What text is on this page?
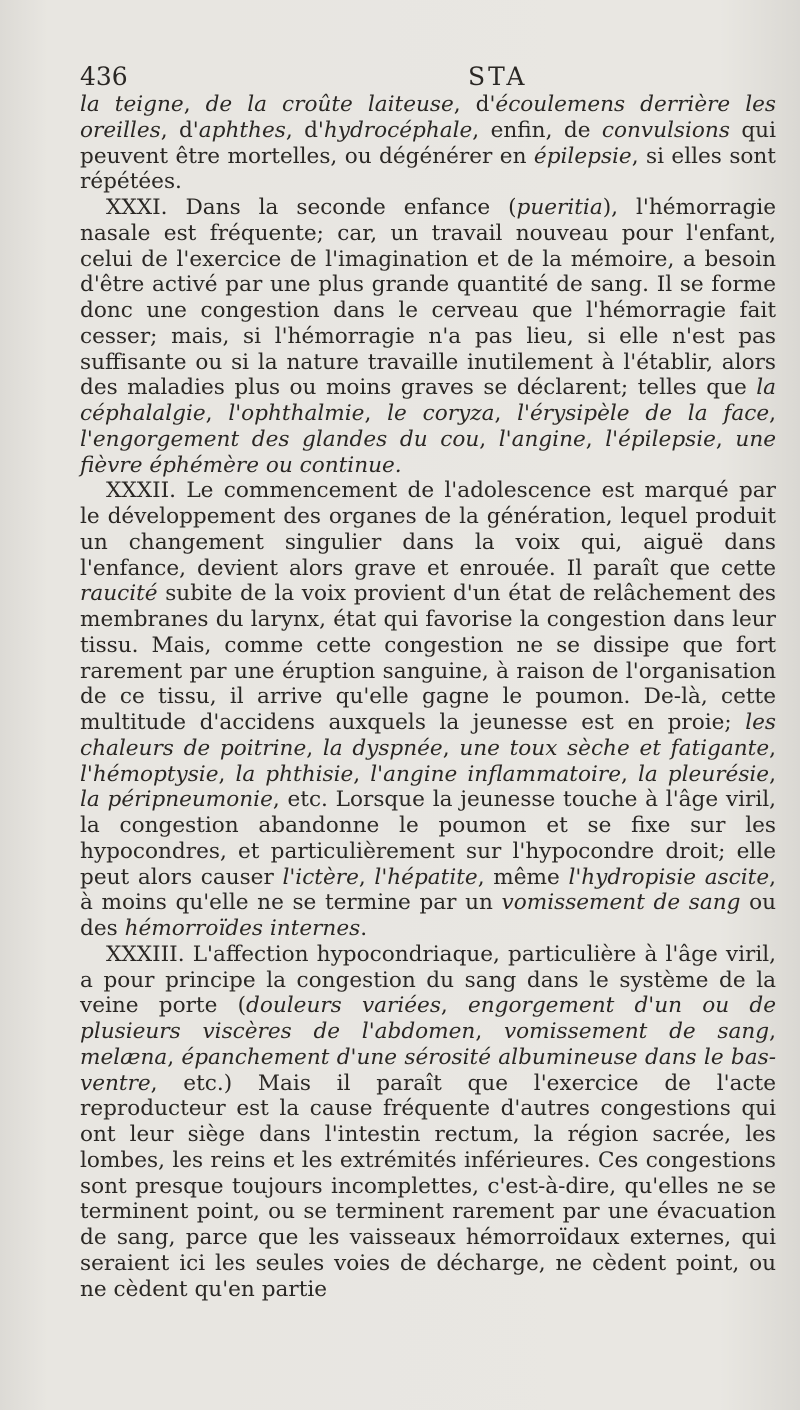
436	STA

la teigne, de la croûte laiteuse, d'écoulemens derrière les oreilles, d'aphthes, d'hydrocéphale, enfin, de convulsions qui peuvent être mortelles, ou dégénérer en épilepsie, si elles sont répétées.

XXXI. Dans la seconde enfance (pueritia), l'hémorragie nasale est fréquente; car, un travail nouveau pour l'enfant, celui de l'exercice de l'imagination et de la mémoire, a besoin d'être activé par une plus grande quantité de sang. Il se forme donc une congestion dans le cerveau que l'hémorragie fait cesser; mais, si l'hémorragie n'a pas lieu, si elle n'est pas suffisante ou si la nature travaille inutilement à l'établir, alors des maladies plus ou moins graves se déclarent; telles que la céphalalgie, l'ophthalmie, le coryza, l'érysipèle de la face, l'engorgement des glandes du cou, l'angine, l'épilepsie, une fièvre éphémère ou continue.

XXXII. Le commencement de l'adolescence est marqué par le développement des organes de la génération, lequel produit un changement singulier dans la voix qui, aiguë dans l'enfance, devient alors grave et enrouée. Il paraît que cette raucité subite de la voix provient d'un état de relâchement des membranes du larynx, état qui favorise la congestion dans leur tissu. Mais, comme cette congestion ne se dissipe que fort rarement par une éruption sanguine, à raison de l'organisation de ce tissu, il arrive qu'elle gagne le poumon. De-là, cette multitude d'accidens auxquels la jeunesse est en proie; les chaleurs de poitrine, la dyspnée, une toux sèche et fatigante, l'hémoptysie, la phthisie, l'angine inflammatoire, la pleurésie, la péripneumonie, etc. Lorsque la jeunesse touche à l'âge viril, la congestion abandonne le poumon et se fixe sur les hypocondres, et particulièrement sur l'hypocondre droit; elle peut alors causer l'ictère, l'hépatite, même l'hydropisie ascite, à moins qu'elle ne se termine par un vomissement de sang ou des hémorroïdes internes.

XXXIII. L'affection hypocondriaque, particulière à l'âge viril, a pour principe la congestion du sang dans le système de la veine porte (douleurs variées, engorgement d'un ou de plusieurs viscères de l'abdomen, vomissement de sang, melæna, épanchement d'une sérosité albumineuse dans le bas-ventre, etc.) Mais il paraît que l'exercice de l'acte reproducteur est la cause fréquente d'autres congestions qui ont leur siège dans l'intestin rectum, la région sacrée, les lombes, les reins et les extrémités inférieures. Ces congestions sont presque toujours incomplettes, c'est-à-dire, qu'elles ne se terminent point, ou se terminent rarement par une évacuation de sang, parce que les vaisseaux hémorroïdaux externes, qui seraient ici les seules voies de décharge, ne cèdent point, ou ne cèdent qu'en partie
